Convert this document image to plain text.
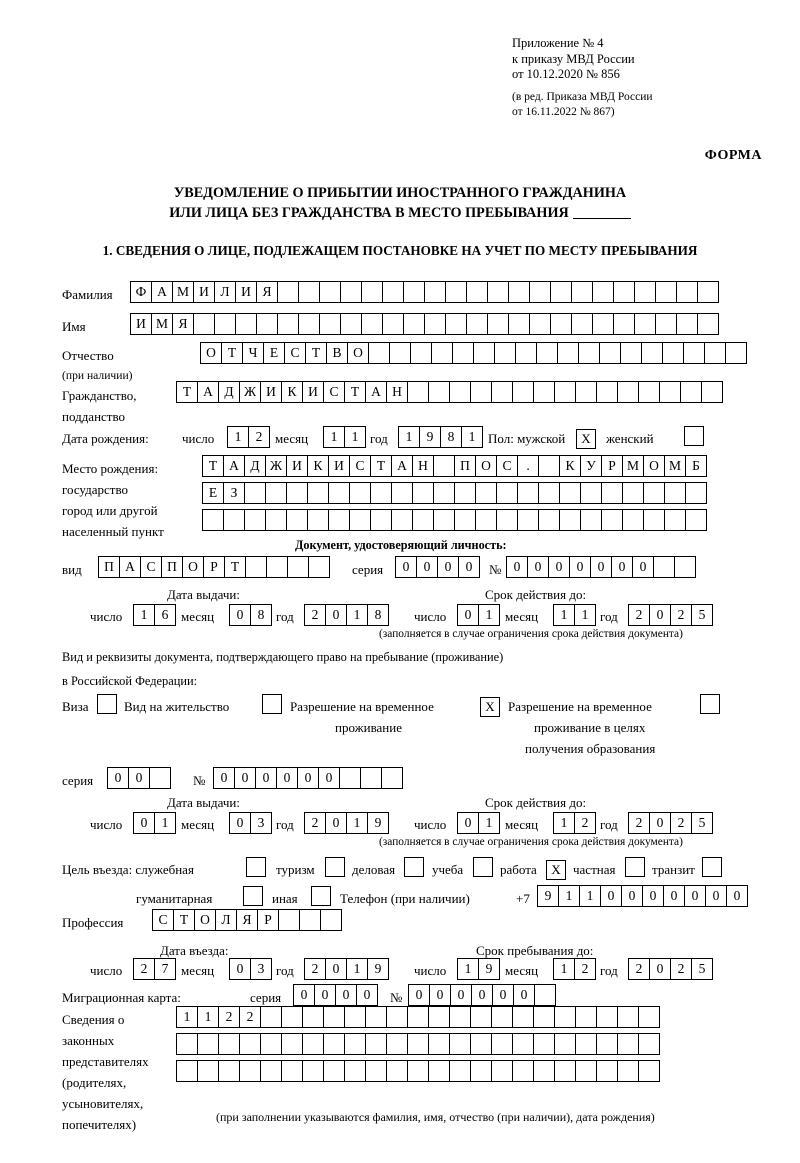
Приложение № 4
к приказу МВД России
от 10.12.2020 № 856
(в ред. Приказа МВД России
от 16.11.2022 № 867)
ФОРМА
УВЕДОМЛЕНИЕ О ПРИБЫТИИ ИНОСТРАННОГО ГРАЖДАНИНА
ИЛИ ЛИЦА БЕЗ ГРАЖДАНСТВА В МЕСТО ПРЕБЫВАНИЯ
1. СВЕДЕНИЯ О ЛИЦЕ, ПОДЛЕЖАЩЕМ ПОСТАНОВКЕ НА УЧЕТ ПО МЕСТУ ПРЕБЫВАНИЯ
Фамилия	Ф А М И Л И Я
Имя	И М Я
Отчество
(при наличии)
О Т Ч Е С Т В О
Гражданство,
подданство
Т А Д Ж И К И С Т А Н
Дата рождения:	число	1	2 месяц	1	1 год	1	9	8	1 Пол: мужской	X	женский
Место рождения:
государство
город или другой
населенный пункт
Т А Д Ж И К И С Т А Н	П О С	.	К У Р М О М Б
Е З
Документ, удостоверяющий личность:
вид	П А С П О Р Т	серия	0	0	0	0	№ 0	0	0	0	0	0	0
Дата выдачи:	Срок действия до:
число	1	6 месяц	0	8 год	2	0	1	8	число	0	1 месяц	1	1 год	2	0	2	5
(заполняется в случае ограничения срока действия документа)
Вид и реквизиты документа, подтверждающего право на пребывание (проживание)
в Российской Федерации:
Виза	Вид на жительство	Разрешение на временное
проживание
X	Разрешение на временное
проживание в целях
получения образования
серия	0	0	№	0	0	0	0	0	0
Дата выдачи:	Срок действия до:
число	0	1 месяц	0	3 год	2	0	1	9	число	0	1 месяц	1	2 год	2	0	2	5
(заполняется в случае ограничения срока действия документа)
Цель въезда: служебная	туризм	деловая	учеба	работа	X частная	транзит
гуманитарная	иная	Телефон (при наличии)	+7	9	1	1	0	0	0	0	0	0	0
Профессия	С Т О Л Я Р
Дата въезда:	Срок пребывания до:
число	2	7 месяц	0	3 год	2	0	1	9	число	1	9 месяц	1	2 год	2	0	2	5
Миграционная карта:	серия	0	0	0	0	№ 0	0	0	0	0	0
Сведения о
законных
представителях
(родителях,
усыновителях,
попечителях)
1	1	2	2
(при заполнении указываются фамилия, имя, отчество (при наличии), дата рождения)
